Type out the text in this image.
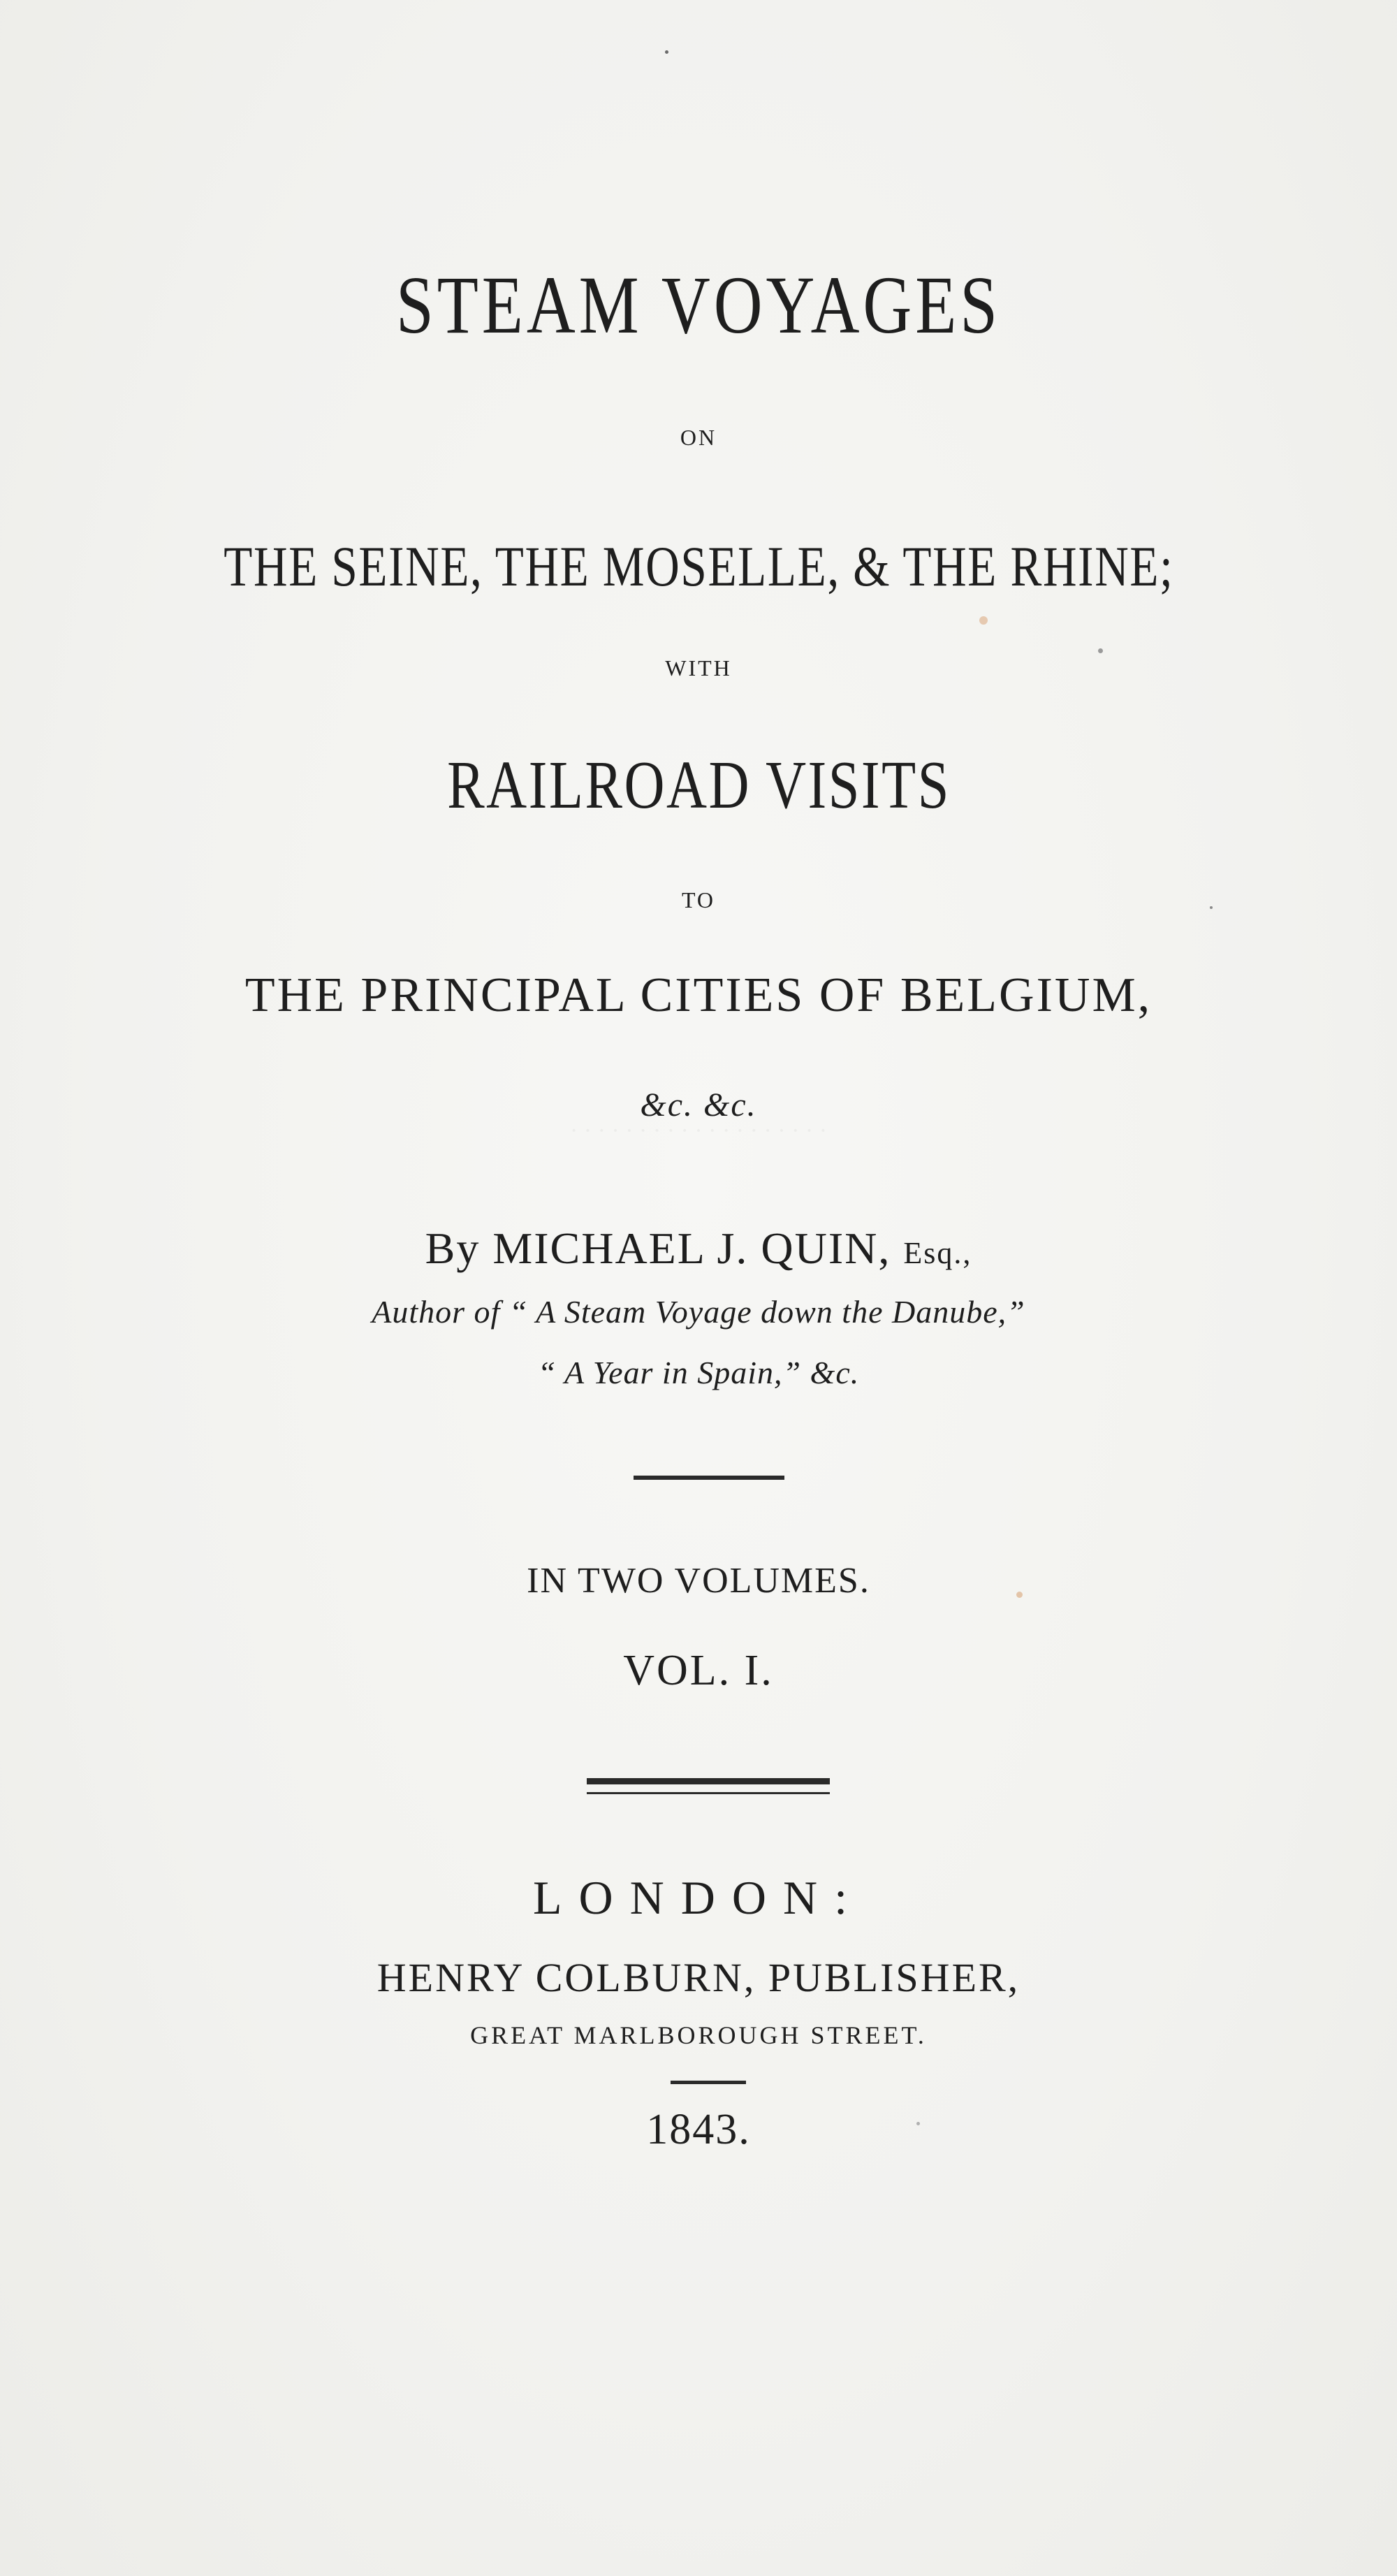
STEAM VOYAGES
ON
THE SEINE, THE MOSELLE, & THE RHINE;
WITH
RAILROAD VISITS
TO
THE PRINCIPAL CITIES OF BELGIUM,
&c. &c.
· · · · · · · · · · · · · · · · · · ·
By MICHAEL J. QUIN, Esq.,
Author of “ A Steam Voyage down the Danube,”
“ A Year in Spain,” &c.
IN TWO VOLUMES.
VOL. I.
LONDON:
HENRY COLBURN, PUBLISHER,
GREAT MARLBOROUGH STREET.
1843.
